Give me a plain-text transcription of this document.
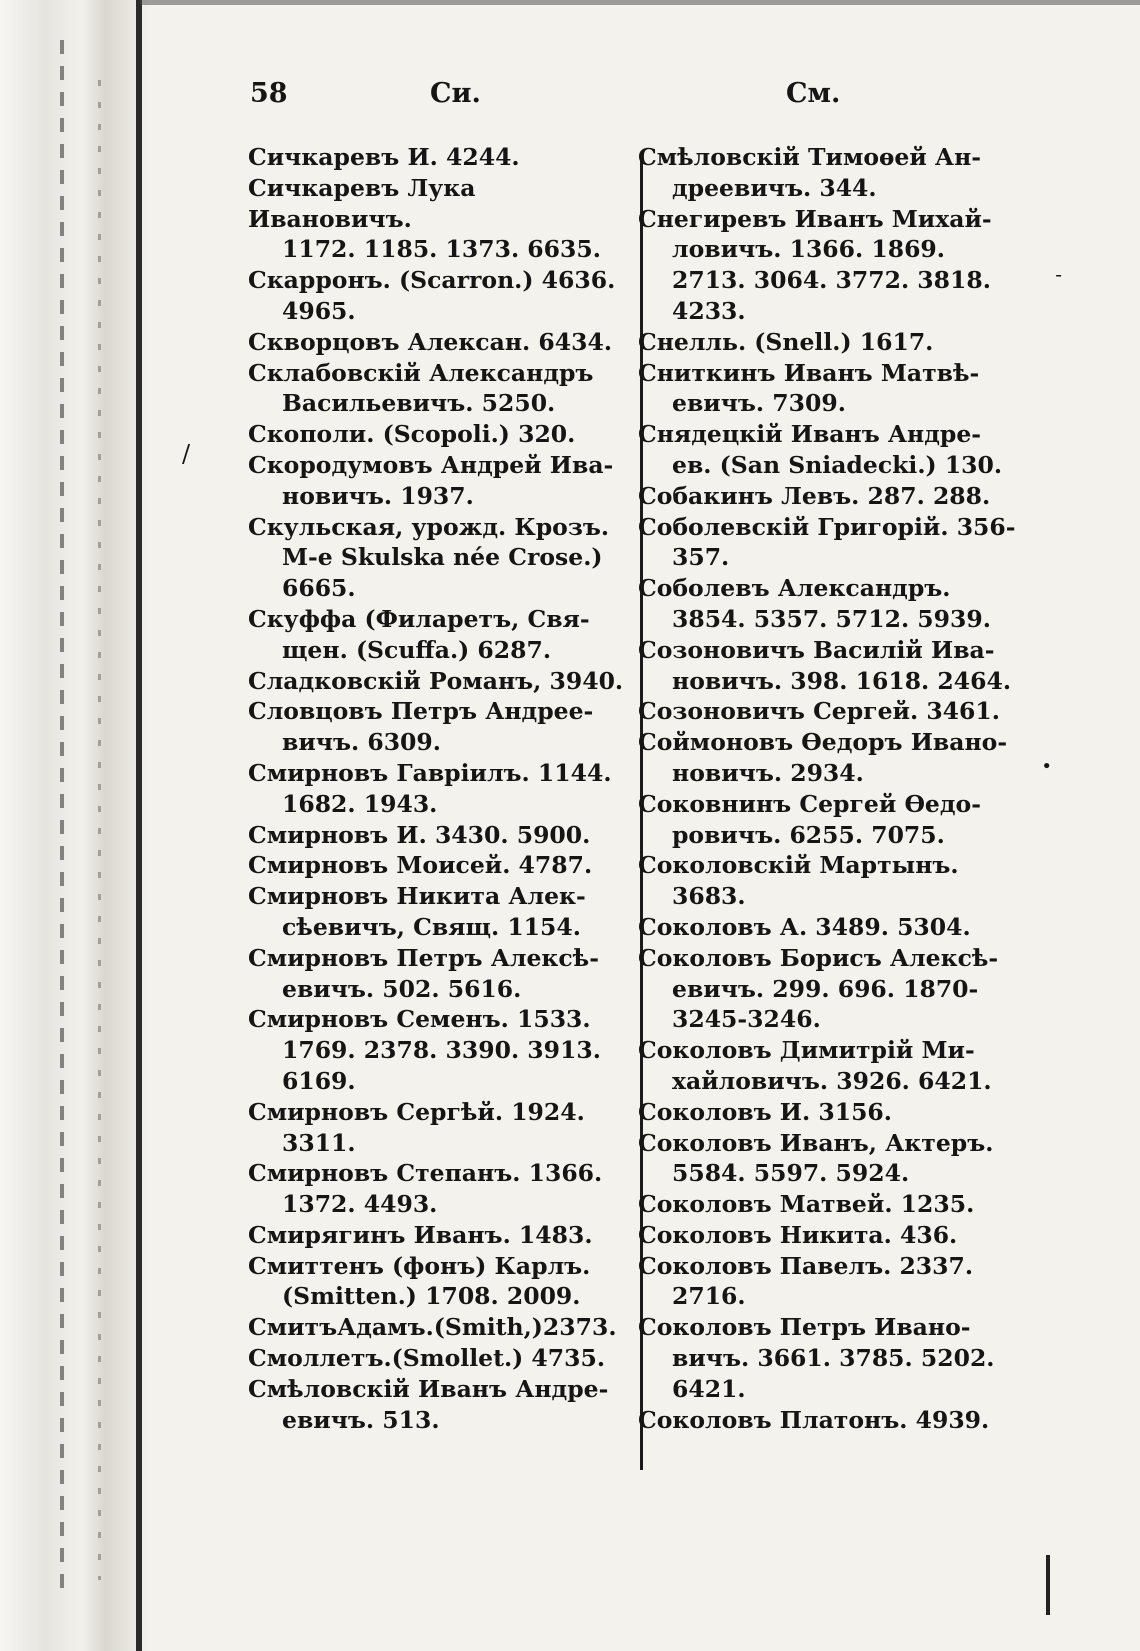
58	Си.	См.
Сичкаревъ И. 4244.
Сичкаревъ Лука Ивановичъ.
1172. 1185. 1373. 6635.
Скарронъ. (Scarron.) 4636.
4965.
Скворцовъ Алексан. 6434.
Склабовскій Александръ
Васильевичъ. 5250.
Скополи. (Scopoli.) 320.
Скородумовъ Андрей Ива-
новичъ. 1937.
Скульская, урожд. Крозъ.
M-e Skulska née Crose.) 6665.
Скуффа (Филаретъ, Свя-
щен. (Scuffa.) 6287.
Сладковскій Романъ, 3940.
Словцовъ Петръ Андрее-
вичъ. 6309.
Смирновъ Гавріилъ. 1144.
1682. 1943.
Смирновъ И. 3430. 5900.
Смирновъ Моисей. 4787.
Смирновъ Никита Алек-
сѣевичъ, Свящ. 1154.
Смирновъ Петръ Алексѣ-
евичъ. 502. 5616.
Смирновъ Семенъ. 1533.
1769. 2378. 3390. 3913. 6169.
Смирновъ Сергѣй. 1924.
3311.
Смирновъ Степанъ. 1366.
1372. 4493.
Смирягинъ Иванъ. 1483.
Смиттенъ (фонъ) Карлъ.
(Smitten.) 1708. 2009.
СмитъАдамъ.(Smith,)2373.
Смоллетъ.(Smollet.) 4735.
Смѣловскій Иванъ Андре-
евичъ. 513.
Смѣловскій Тимоѳей Ан-
дреевичъ. 344.
Снегиревъ Иванъ Михай-
ловичъ. 1366. 1869. 2713. 3064. 3772. 3818. 4233.
Снелль. (Snell.) 1617.
Сниткинъ Иванъ Матвѣ-
евичъ. 7309.
Снядецкій Иванъ Андре-
ев. (San Sniadecki.) 130.
Собакинъ Левъ. 287. 288.
Соболевскій Григорій. 356-
357.
Соболевъ Александръ.
3854. 5357. 5712. 5939.
Созоновичъ Василій Ива-
новичъ. 398. 1618. 2464.
Созоновичъ Сергей. 3461.
Соймоновъ Ѳедоръ Ивано-
новичъ. 2934.
Соковнинъ Сергей Ѳедо-
ровичъ. 6255. 7075.
Соколовскій Мартынъ.
3683.
Соколовъ А. 3489. 5304.
Соколовъ Борисъ Алексѣ-
евичъ. 299. 696. 1870-3245-3246.
Соколовъ Димитрій Ми-
хайловичъ. 3926. 6421.
Соколовъ И. 3156.
Соколовъ Иванъ, Актеръ.
5584. 5597. 5924.
Соколовъ Матвей. 1235.
Соколовъ Никита. 436.
Соколовъ Павелъ. 2337.
2716.
Соколовъ Петръ Ивано-
вичъ. 3661. 3785. 5202. 6421.
Соколовъ Платонъ. 4939.
‐
/
•
